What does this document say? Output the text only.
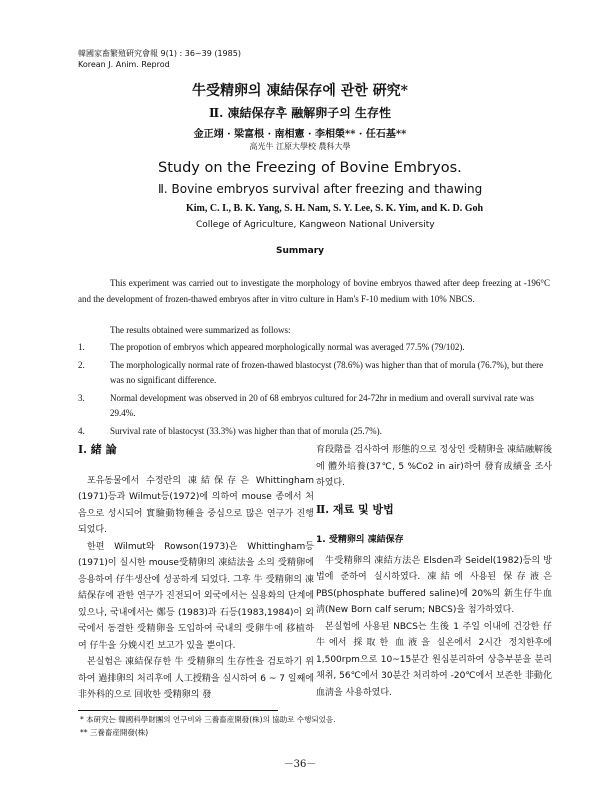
韓國家畜繁殖硏究會報 9(1) : 36~39 (1985)
Korean J. Anim. Reprod
牛受精卵의 凍結保存에 관한 硏究*
Ⅱ. 凍結保存후 融解卵子의 生存性
金正翊 · 梁富根 · 南相憲 · 李相榮** · 任石基**
高光牛 江原大學校 農科大學
Study on the Freezing of Bovine Embryos.
Ⅱ. Bovine embryos survival after freezing and thawing
Kim, C. I., B. K. Yang, S. H. Nam, S. Y. Lee, S. K. Yim, and K. D. Goh
College of Agriculture, Kangweon National University
Summary
This experiment was carried out to investigate the morphology of bovine embryos thawed after deep freezing at -196°C and the development of frozen-thawed embryos after in vitro culture in Ham's F-10 medium with 10% NBCS.
The results obtained were summarized as follows:
1.	The propotion of embryos which appeared morphologically normal was averaged 77.5% (79/102).
2.	The morphologically normal rate of frozen-thawed blastocyst (78.6%) was higher than that of morula (76.7%), but there was no significant difference.
3.	Normal development was observed in 20 of 68 embryos cultured for 24-72hr in medium and overall survival rate was 29.4%.
4.	Survival rate of blastocyst (33.3%) was higher than that of morula (25.7%).
Ⅰ. 緒 論

포유동물에서 수정란의 凍結保存은 Whittingham (1971)등과 Wilmut등(1972)에 의하여 mouse 종에서 처음으로 성시되어 實驗動物種을 중심으로 많은 연구가 진행되었다.

한편 Wilmut와 Rowson(1973)은 Whittingham등 (1971)이 실시한 mouse受精卵의 凍結法을 소의 受精卵에 응용하여 仔牛생산에 성공하게 되었다. 그후 牛 受精卵의 凍結保存에 관한 연구가 진전되어 외국에서는 실용화의 단계에 있으나, 국내에서는 鄭등 (1983)과 石등(1983,1984)이 외국에서 동결한 受精卵을 도입하여 국내의 受卵牛에 移植하여 仔牛을 分娩시킨 보고가 있을 뿐이다.

본실험은 凍結保存한 牛 受精卵의 生存性을 검토하기 위하여 過排卵의 처리후에 人工授精을 실시하여 6 ~ 7 일째에 非外科的으로 回收한 受精卵의 發

育段階를 검사하여 形態的으로 정상인 受精卵을 凍結融解後에 體外培養(37℃, 5 %Co2 in air)하여 發育成績을 조사하였다.

Ⅱ. 재료 및 방법
1. 受精卵의 凍結保存

牛受精卵의 凍結方法은 Elsden과 Seidel(1982)등의 방법에 준하여 실시하였다. 凍結에 사용된 保存液은 PBS(phosphate buffered saline)에 20%의 新生仔牛血淸(New Born calf serum; NBCS)을 첨가하였다.

본실험에 사용된 NBCS는 生後 1 주일 이내에 건강한 仔牛에서 採取한 血液을 실온에서 2시간 정치한후에 1,500rpm으로 10~15분간 원심분리하여 상층부분을 분리채취, 56℃에서 30분간 처리하여 -20℃에서 보존한 非動化 血淸을 사용하였다.

* 本硏究는 韓國科學財團의 연구비와 三養畜産開發(株)의 協助로 수행되었음.
** 三養畜産開發(株)
－36－
